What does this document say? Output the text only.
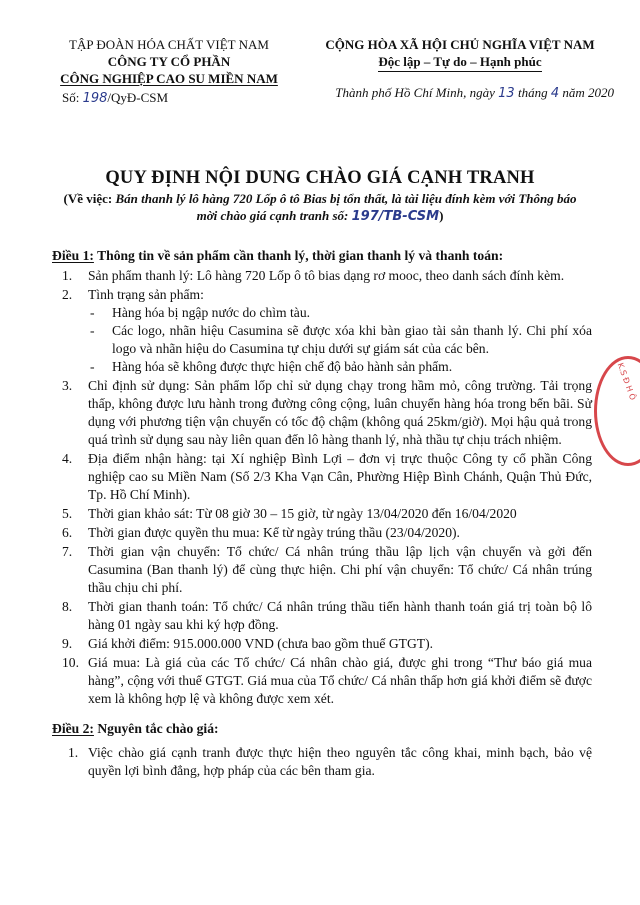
TẬP ĐOÀN HÓA CHẤT VIỆT NAM
CÔNG TY CỔ PHẦN
CÔNG NGHIỆP CAO SU MIỀN NAM
Số: 198/QyĐ-CSM
CỘNG HÒA XÃ HỘI CHỦ NGHĨA VIỆT NAM
Độc lập – Tự do – Hạnh phúc
Thành phố Hồ Chí Minh, ngày 13 tháng 4 năm 2020
QUY ĐỊNH NỘI DUNG CHÀO GIÁ CẠNH TRANH
(Về việc: Bán thanh lý lô hàng 720 Lốp ô tô Bias bị tổn thất, là tài liệu đính kèm với Thông báo mời chào giá cạnh tranh số: 197/TB-CSM)
Điều 1: Thông tin về sản phẩm cần thanh lý, thời gian thanh lý và thanh toán:
1. Sản phẩm thanh lý: Lô hàng 720 Lốp ô tô bias dạng rơ mooc, theo danh sách đính kèm.
2. Tình trạng sản phẩm:
- Hàng hóa bị ngập nước do chìm tàu.
- Các logo, nhãn hiệu Casumina sẽ được xóa khi bàn giao tài sản thanh lý. Chi phí xóa logo và nhãn hiệu do Casumina tự chịu dưới sự giám sát của các bên.
- Hàng hóa sẽ không được thực hiện chế độ bảo hành sản phẩm.
3. Chỉ định sử dụng: Sản phẩm lốp chỉ sử dụng chạy trong hầm mỏ, công trường. Tải trọng thấp, không được lưu hành trong đường công cộng, luân chuyển hàng hóa trong bến bãi. Sử dụng với phương tiện vận chuyển có tốc độ chậm (không quá 25km/giờ). Mọi hậu quả trong quá trình sử dụng sau này liên quan đến lô hàng thanh lý, nhà thầu tự chịu trách nhiệm.
4. Địa điểm nhận hàng: tại Xí nghiệp Bình Lợi – đơn vị trực thuộc Công ty cổ phần Công nghiệp cao su Miền Nam (Số 2/3 Kha Vạn Cân, Phường Hiệp Bình Chánh, Quận Thủ Đức, Tp. Hồ Chí Minh).
5. Thời gian khảo sát: Từ 08 giờ 30 – 15 giờ, từ ngày 13/04/2020 đến 16/04/2020
6. Thời gian được quyền thu mua: Kể từ ngày trúng thầu (23/04/2020).
7. Thời gian vận chuyển: Tổ chức/ Cá nhân trúng thầu lập lịch vận chuyển và gởi đến Casumina (Ban thanh lý) để cùng thực hiện. Chi phí vận chuyển: Tổ chức/ Cá nhân trúng thầu chịu chi phí.
8. Thời gian thanh toán: Tổ chức/ Cá nhân trúng thầu tiến hành thanh toán giá trị toàn bộ lô hàng 01 ngày sau khi ký hợp đồng.
9. Giá khởi điểm: 915.000.000 VND (chưa bao gồm thuế GTGT).
10. Giá mua: Là giá của các Tổ chức/ Cá nhân chào giá, được ghi trong “Thư báo giá mua hàng”, cộng với thuế GTGT. Giá mua của Tổ chức/ Cá nhân thấp hơn giá khởi điểm sẽ được xem là không hợp lệ và không được xem xét.
Điều 2: Nguyên tắc chào giá:
1. Việc chào giá cạnh tranh được thực hiện theo nguyên tắc công khai, minh bạch, bảo vệ quyền lợi bình đẳng, hợp pháp của các bên tham gia.
K.S Đ H Ô
